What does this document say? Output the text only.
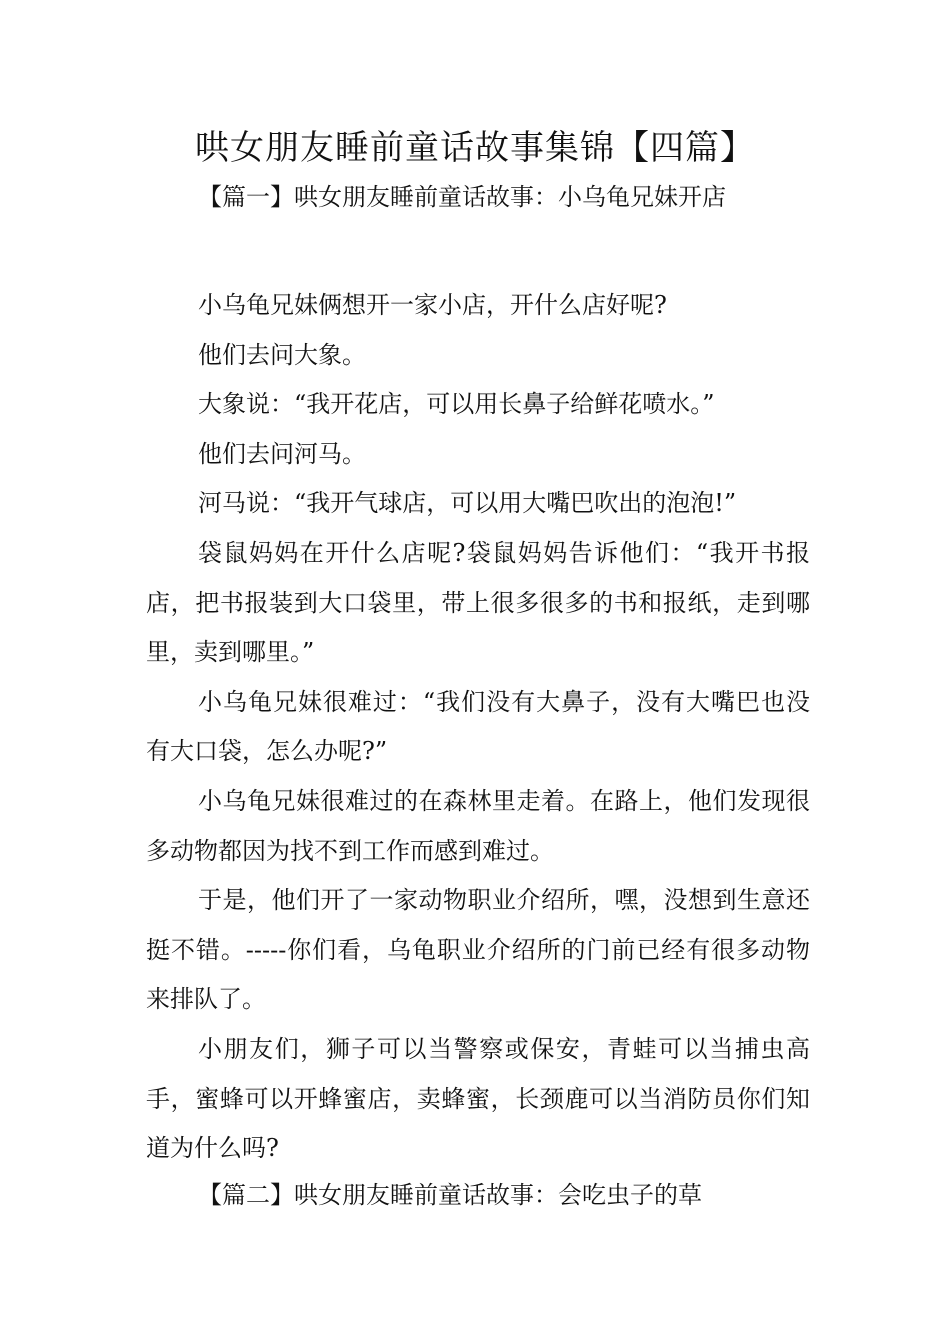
哄女朋友睡前童话故事集锦【四篇】
【篇一】哄女朋友睡前童话故事：小乌龟兄妹开店

小乌龟兄妹俩想开一家小店，开什么店好呢?

他们去问大象。

大象说：“我开花店，可以用长鼻子给鲜花喷水。”

他们去问河马。

河马说：“我开气球店，可以用大嘴巴吹出的泡泡!”

袋鼠妈妈在开什么店呢?袋鼠妈妈告诉他们：“我开书报店，把书报装到大口袋里，带上很多很多的书和报纸，走到哪里，卖到哪里。”

小乌龟兄妹很难过：“我们没有大鼻子，没有大嘴巴也没有大口袋，怎么办呢?”

小乌龟兄妹很难过的在森林里走着。在路上，他们发现很多动物都因为找不到工作而感到难过。

于是，他们开了一家动物职业介绍所，嘿，没想到生意还挺不错。-----你们看，乌龟职业介绍所的门前已经有很多动物来排队了。

小朋友们，狮子可以当警察或保安，青蛙可以当捕虫高手，蜜蜂可以开蜂蜜店，卖蜂蜜，长颈鹿可以当消防员你们知道为什么吗?

【篇二】哄女朋友睡前童话故事：会吃虫子的草
